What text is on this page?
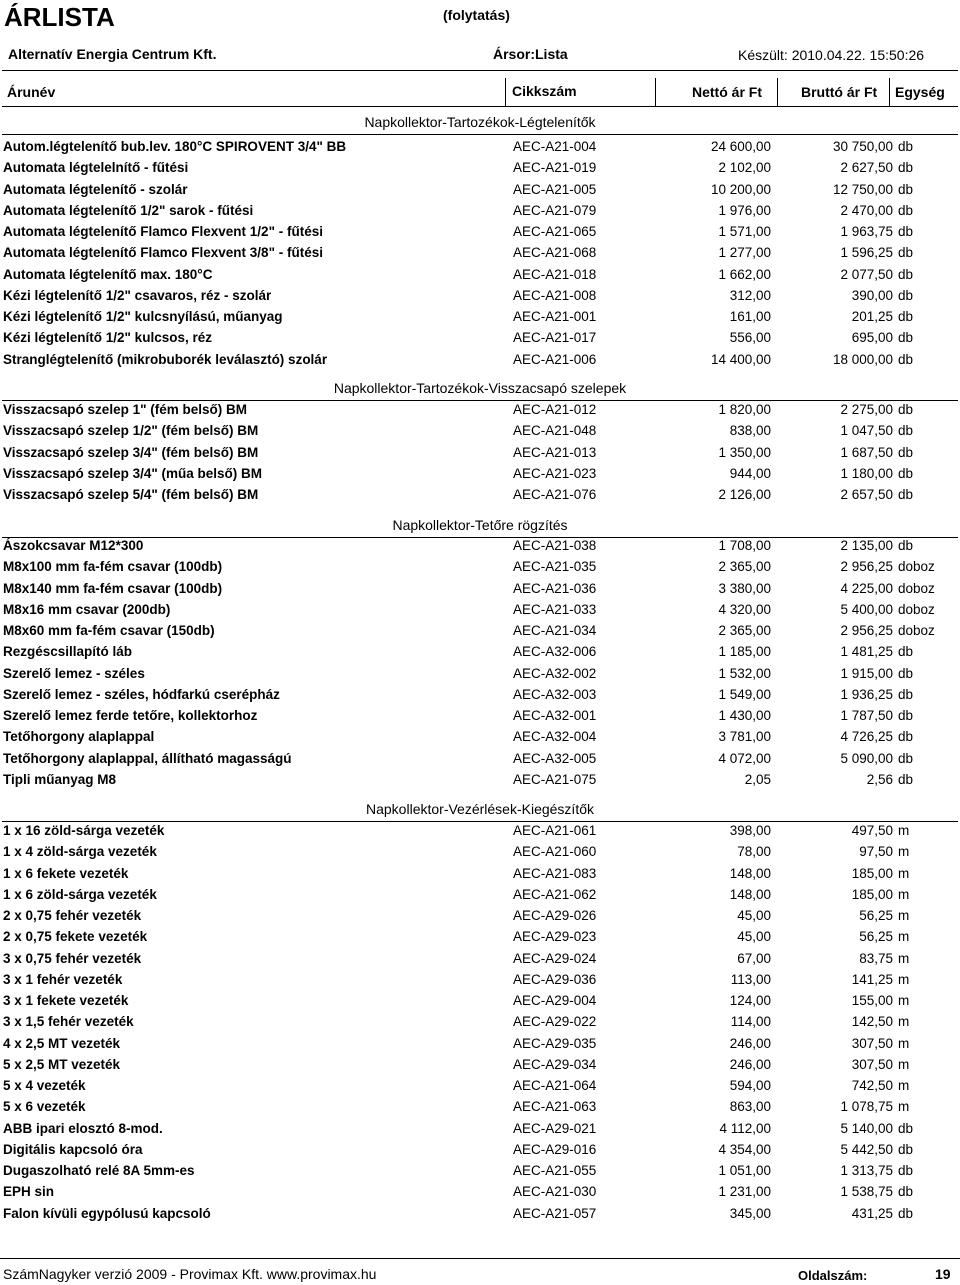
ÁRLISTA	(folytatás)
Alternatív Energia Centrum Kft.	Ársor:Lista	Készült: 2010.04.22. 15:50:26
Árunév	Cikkszám	Nettó ár Ft	Bruttó ár Ft Egység
Napkollektor-Tartozékok-Légtelenítők
Autom.légtelenítő bub.lev. 180°C SPIROVENT 3/4" BB	AEC-A21-004	24 600,00	30 750,00 db
Automata légtelelnítő - fűtési	AEC-A21-019	2 102,00	2 627,50 db
Automata légtelenítő - szolár	AEC-A21-005	10 200,00	12 750,00 db
Automata légtelenítő 1/2" sarok - fűtési	AEC-A21-079	1 976,00	2 470,00 db
Automata légtelenítő Flamco Flexvent 1/2" - fűtési	AEC-A21-065	1 571,00	1 963,75 db
Automata légtelenítő Flamco Flexvent 3/8" - fűtési	AEC-A21-068	1 277,00	1 596,25 db
Automata légtelenítő max. 180°C	AEC-A21-018	1 662,00	2 077,50 db
Kézi légtelenítő 1/2" csavaros, réz - szolár	AEC-A21-008	312,00	390,00 db
Kézi légtelenítő 1/2" kulcsnyílású, műanyag	AEC-A21-001	161,00	201,25 db
Kézi légtelenítő 1/2" kulcsos, réz	AEC-A21-017	556,00	695,00 db
Stranglégtelenítő (mikrobuborék leválasztó) szolár	AEC-A21-006	14 400,00	18 000,00 db
Napkollektor-Tartozékok-Visszacsapó szelepek
Visszacsapó szelep 1" (fém belső) BM	AEC-A21-012	1 820,00	2 275,00 db
Visszacsapó szelep 1/2" (fém belső) BM	AEC-A21-048	838,00	1 047,50 db
Visszacsapó szelep 3/4" (fém belső) BM	AEC-A21-013	1 350,00	1 687,50 db
Visszacsapó szelep 3/4" (műa belső) BM	AEC-A21-023	944,00	1 180,00 db
Visszacsapó szelep 5/4" (fém belső) BM	AEC-A21-076	2 126,00	2 657,50 db
Napkollektor-Tetőre rögzítés
Ászokcsavar M12*300	AEC-A21-038	1 708,00	2 135,00 db
M8x100 mm fa-fém csavar (100db)	AEC-A21-035	2 365,00	2 956,25 doboz
M8x140 mm fa-fém csavar (100db)	AEC-A21-036	3 380,00	4 225,00 doboz
M8x16 mm csavar (200db)	AEC-A21-033	4 320,00	5 400,00 doboz
M8x60 mm fa-fém csavar (150db)	AEC-A21-034	2 365,00	2 956,25 doboz
Rezgéscsillapító láb	AEC-A32-006	1 185,00	1 481,25 db
Szerelő lemez - széles	AEC-A32-002	1 532,00	1 915,00 db
Szerelő lemez - széles, hódfarkú cserépház	AEC-A32-003	1 549,00	1 936,25 db
Szerelő lemez ferde tetőre, kollektorhoz	AEC-A32-001	1 430,00	1 787,50 db
Tetőhorgony alaplappal	AEC-A32-004	3 781,00	4 726,25 db
Tetőhorgony alaplappal, állítható magasságú	AEC-A32-005	4 072,00	5 090,00 db
Tipli műanyag M8	AEC-A21-075	2,05	2,56 db
Napkollektor-Vezérlések-Kiegészítők
1 x 16 zöld-sárga vezeték	AEC-A21-061	398,00	497,50 m
1 x 4 zöld-sárga vezeték	AEC-A21-060	78,00	97,50 m
1 x 6 fekete vezeték	AEC-A21-083	148,00	185,00 m
1 x 6 zöld-sárga vezeték	AEC-A21-062	148,00	185,00 m
2 x 0,75 fehér vezeték	AEC-A29-026	45,00	56,25 m
2 x 0,75 fekete vezeték	AEC-A29-023	45,00	56,25 m
3 x 0,75 fehér vezeték	AEC-A29-024	67,00	83,75 m
3 x 1 fehér vezeték	AEC-A29-036	113,00	141,25 m
3 x 1 fekete vezeték	AEC-A29-004	124,00	155,00 m
3 x 1,5 fehér vezeték	AEC-A29-022	114,00	142,50 m
4 x 2,5 MT vezeték	AEC-A29-035	246,00	307,50 m
5 x 2,5 MT vezeték	AEC-A29-034	246,00	307,50 m
5 x 4 vezeték	AEC-A21-064	594,00	742,50 m
5 x 6 vezeték	AEC-A21-063	863,00	1 078,75 m
ABB ipari elosztó 8-mod.	AEC-A29-021	4 112,00	5 140,00 db
Digitális kapcsoló óra	AEC-A29-016	4 354,00	5 442,50 db
Dugaszolható relé 8A 5mm-es	AEC-A21-055	1 051,00	1 313,75 db
EPH sin	AEC-A21-030	1 231,00	1 538,75 db
Falon kívüli egypólusú kapcsoló	AEC-A21-057	345,00	431,25 db
SzámNagyker verzió 2009 - Provimax Kft. www.provimax.hu	Oldalszám:	19
